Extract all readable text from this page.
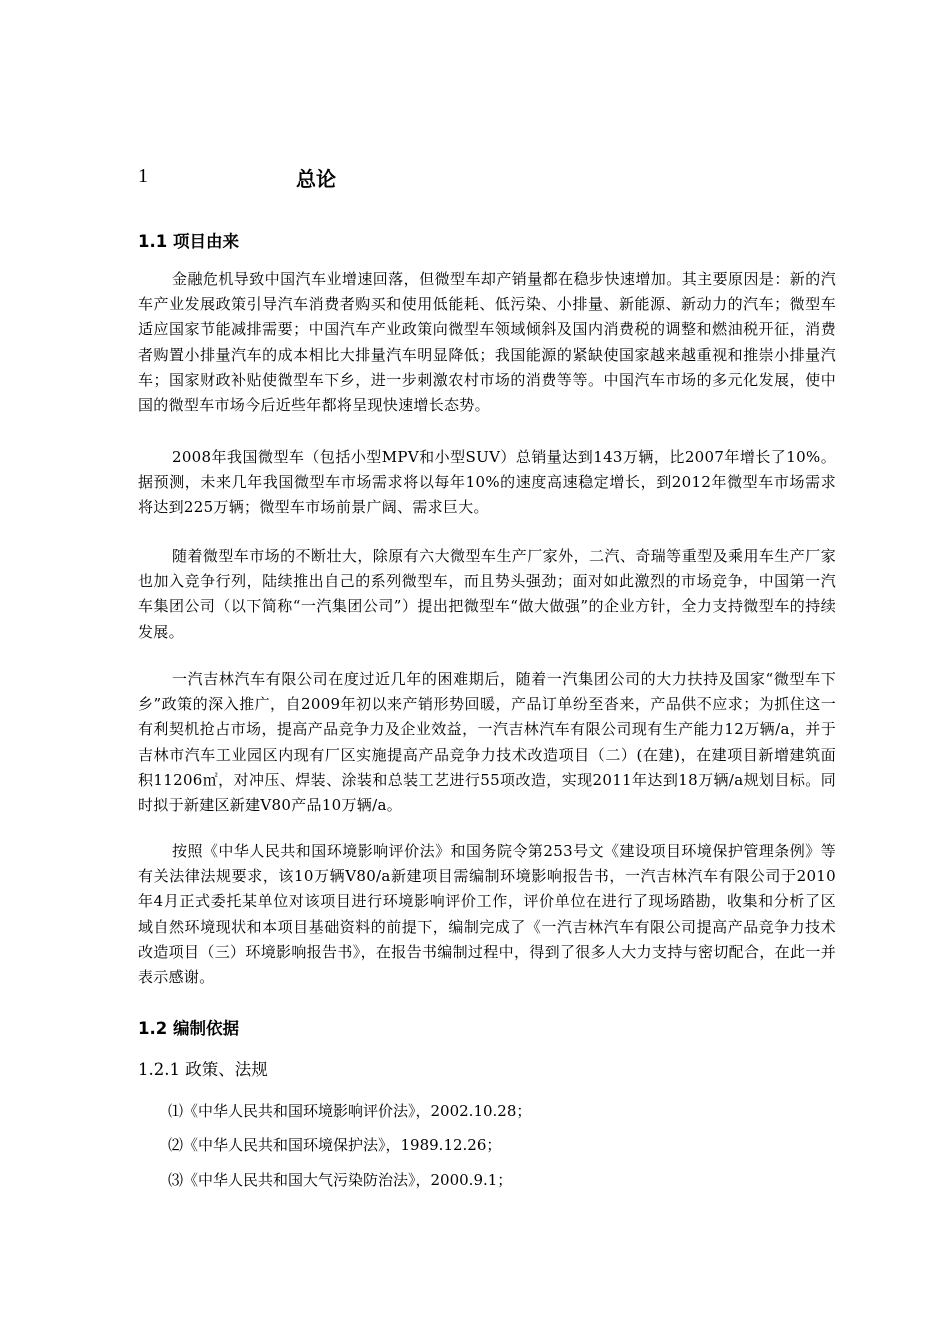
1	总论
1.1 项目由来
金融危机导致中国汽车业增速回落，但微型车却产销量都在稳步快速增加。其主要原因是：新的汽车产业发展政策引导汽车消费者购买和使用低能耗、低污染、小排量、新能源、新动力的汽车；微型车适应国家节能减排需要；中国汽车产业政策向微型车领域倾斜及国内消费税的调整和燃油税开征，消费者购置小排量汽车的成本相比大排量汽车明显降低；我国能源的紧缺使国家越来越重视和推崇小排量汽车；国家财政补贴使微型车下乡，进一步刺激农村市场的消费等等。中国汽车市场的多元化发展，使中国的微型车市场今后近些年都将呈现快速增长态势。
2008年我国微型车（包括小型MPV和小型SUV）总销量达到143万辆，比2007年增长了10%。据预测，未来几年我国微型车市场需求将以每年10%的速度高速稳定增长，到2012年微型车市场需求将达到225万辆；微型车市场前景广阔、需求巨大。
随着微型车市场的不断壮大，除原有六大微型车生产厂家外，二汽、奇瑞等重型及乘用车生产厂家也加入竞争行列，陆续推出自己的系列微型车，而且势头强劲；面对如此激烈的市场竞争，中国第一汽车集团公司（以下简称“一汽集团公司”）提出把微型车“做大做强”的企业方针，全力支持微型车的持续发展。
一汽吉林汽车有限公司在度过近几年的困难期后，随着一汽集团公司的大力扶持及国家“微型车下乡”政策的深入推广，自2009年初以来产销形势回暖，产品订单纷至沓来，产品供不应求；为抓住这一有利契机抢占市场，提高产品竞争力及企业效益，一汽吉林汽车有限公司现有生产能力12万辆/a，并于吉林市汽车工业园区内现有厂区实施提高产品竞争力技术改造项目（二）(在建)，在建项目新增建筑面积11206㎡，对冲压、焊装、涂装和总装工艺进行55项改造，实现2011年达到18万辆/a规划目标。同时拟于新建区新建V80产品10万辆/a。
按照《中华人民共和国环境影响评价法》和国务院令第253号文《建设项目环境保护管理条例》等有关法律法规要求，该10万辆V80/a新建项目需编制环境影响报告书，一汽吉林汽车有限公司于2010年4月正式委托某单位对该项目进行环境影响评价工作，评价单位在进行了现场踏勘，收集和分析了区域自然环境现状和本项目基础资料的前提下，编制完成了《一汽吉林汽车有限公司提高产品竞争力技术改造项目（三）环境影响报告书》，在报告书编制过程中，得到了很多人大力支持与密切配合，在此一并表示感谢。
1.2 编制依据
1.2.1 政策、法规
⑴《中华人民共和国环境影响评价法》，2002.10.28；
⑵《中华人民共和国环境保护法》，1989.12.26；
⑶《中华人民共和国大气污染防治法》，2000.9.1；
